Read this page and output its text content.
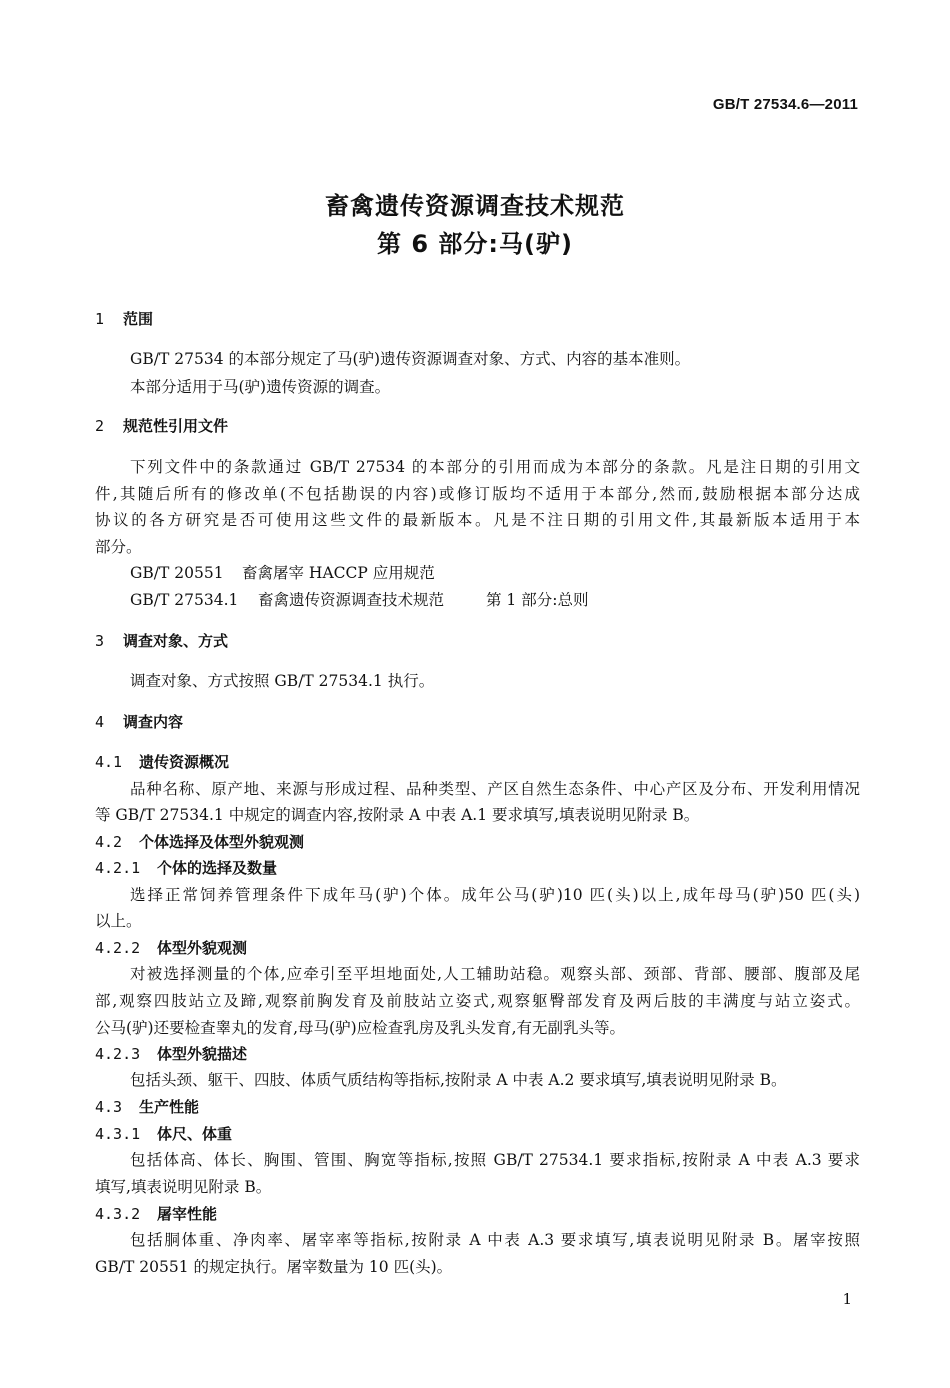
GB/T 27534.6—2011
畜禽遗传资源调查技术规范
第 6 部分:马(驴)
1 范围
GB/T 27534 的本部分规定了马(驴)遗传资源调查对象、方式、内容的基本准则。
本部分适用于马(驴)遗传资源的调查。
2 规范性引用文件
下列文件中的条款通过 GB/T 27534 的本部分的引用而成为本部分的条款。凡是注日期的引用文
件,其随后所有的修改单(不包括勘误的内容)或修订版均不适用于本部分,然而,鼓励根据本部分达成
协议的各方研究是否可使用这些文件的最新版本。凡是不注日期的引用文件,其最新版本适用于本
部分。
GB/T 20551 畜禽屠宰 HACCP 应用规范
GB/T 27534.1 畜禽遗传资源调查技术规范	第 1 部分:总则
3 调查对象、方式
调查对象、方式按照 GB/T 27534.1 执行。
4 调查内容
4.1 遗传资源概况
品种名称、原产地、来源与形成过程、品种类型、产区自然生态条件、中心产区及分布、开发利用情况
等 GB/T 27534.1 中规定的调查内容,按附录 A 中表 A.1 要求填写,填表说明见附录 B。
4.2 个体选择及体型外貌观测
4.2.1 个体的选择及数量
选择正常饲养管理条件下成年马(驴)个体。成年公马(驴)10 匹(头)以上,成年母马(驴)50 匹(头)
以上。
4.2.2 体型外貌观测
对被选择测量的个体,应牵引至平坦地面处,人工辅助站稳。观察头部、颈部、背部、腰部、腹部及尾
部,观察四肢站立及蹄,观察前胸发育及前肢站立姿式,观察躯臀部发育及两后肢的丰满度与站立姿式。
公马(驴)还要检查睾丸的发育,母马(驴)应检查乳房及乳头发育,有无副乳头等。
4.2.3 体型外貌描述
包括头颈、躯干、四肢、体质气质结构等指标,按附录 A 中表 A.2 要求填写,填表说明见附录 B。
4.3 生产性能
4.3.1 体尺、体重
包括体高、体长、胸围、管围、胸宽等指标,按照 GB/T 27534.1 要求指标,按附录 A 中表 A.3 要求
填写,填表说明见附录 B。
4.3.2 屠宰性能
包括胴体重、净肉率、屠宰率等指标,按附录 A 中表 A.3 要求填写,填表说明见附录 B。屠宰按照
GB/T 20551 的规定执行。屠宰数量为 10 匹(头)。
1
